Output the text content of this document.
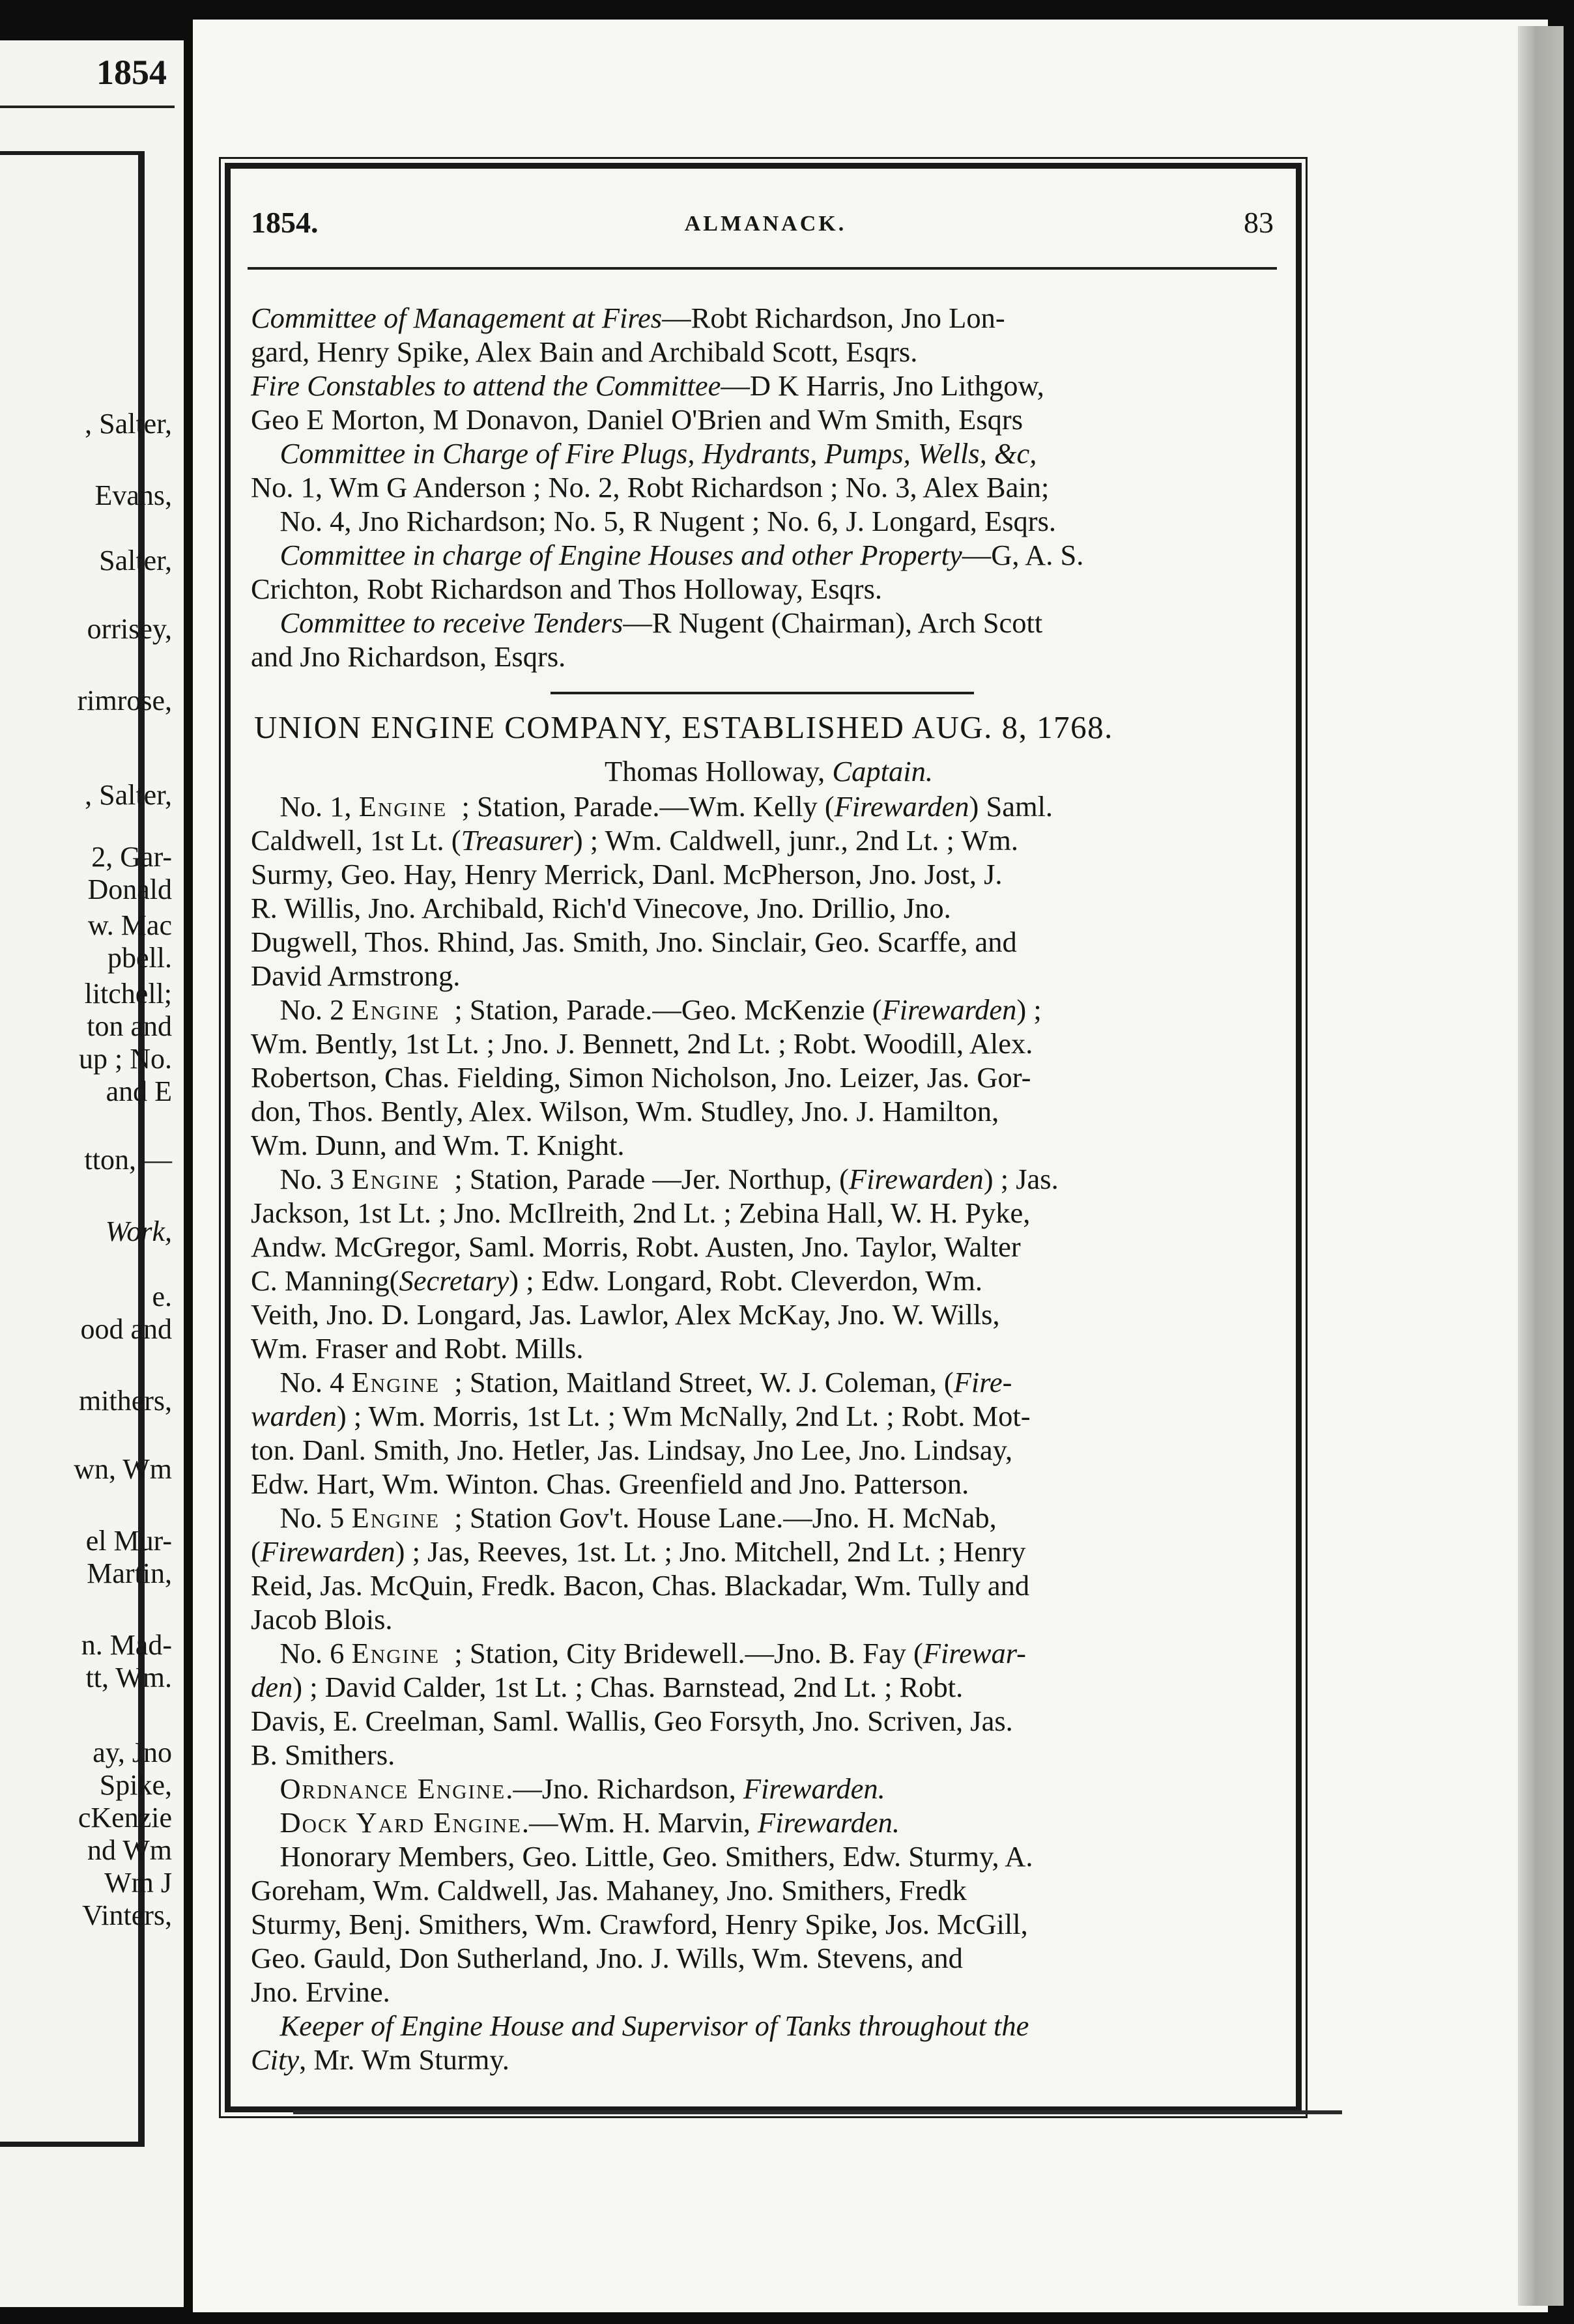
1854
, Salter,
Evans,
Salter,
orrisey,
rimrose,
, Salter,
2, Gar-
Donald
w. Mac
pbell.
litchell;
ton and
up ; No.
and E
tton, —
Work,
e.
ood and
mithers,
wn, Wm
el Mur-
Martin,
n. Mad-
tt, Wm.
ay, Jno
Spike,
cKenzie
nd Wm
Wm J
Vinters,
1854.	ALMANACK.	83
Committee of Management at Fires—Robt Richardson, Jno Lon-
gard, Henry Spike, Alex Bain and Archibald Scott, Esqrs.
Fire Constables to attend the Committee—D K Harris, Jno Lithgow,
Geo E Morton, M Donavon, Daniel O'Brien and Wm Smith, Esqrs
Committee in Charge of Fire Plugs, Hydrants, Pumps, Wells, &c,
No. 1, Wm G Anderson ; No. 2, Robt Richardson ; No. 3, Alex Bain;
No. 4, Jno Richardson; No. 5, R Nugent ; No. 6, J. Longard, Esqrs.
Committee in charge of Engine Houses and other Property—G, A. S.
Crichton, Robt Richardson and Thos Holloway, Esqrs.
Committee to receive Tenders—R Nugent (Chairman), Arch Scott
and Jno Richardson, Esqrs.
UNION ENGINE COMPANY, ESTABLISHED AUG. 8, 1768.
Thomas Holloway, Captain.
No. 1, Engine  ; Station, Parade.—Wm. Kelly (Firewarden) Saml.
Caldwell, 1st Lt. (Treasurer) ; Wm. Caldwell, junr., 2nd Lt. ; Wm.
Surmy, Geo. Hay, Henry Merrick, Danl. McPherson, Jno. Jost, J.
R. Willis, Jno. Archibald, Rich'd Vinecove, Jno. Drillio, Jno.
Dugwell, Thos. Rhind, Jas. Smith, Jno. Sinclair, Geo. Scarffe, and
David Armstrong.
No. 2 Engine  ; Station, Parade.—Geo. McKenzie (Firewarden) ;
Wm. Bently, 1st Lt. ; Jno. J. Bennett, 2nd Lt. ; Robt. Woodill, Alex.
Robertson, Chas. Fielding, Simon Nicholson, Jno. Leizer, Jas. Gor-
don, Thos. Bently, Alex. Wilson, Wm. Studley, Jno. J. Hamilton,
Wm. Dunn, and Wm. T. Knight.
No. 3 Engine  ; Station, Parade —Jer. Northup, (Firewarden) ; Jas.
Jackson, 1st Lt. ; Jno. McIlreith, 2nd Lt. ; Zebina Hall, W. H. Pyke,
Andw. McGregor, Saml. Morris, Robt. Austen, Jno. Taylor, Walter
C. Manning(Secretary) ; Edw. Longard, Robt. Cleverdon, Wm.
Veith, Jno. D. Longard, Jas. Lawlor, Alex McKay, Jno. W. Wills,
Wm. Fraser and Robt. Mills.
No. 4 Engine  ; Station, Maitland Street, W. J. Coleman, (Fire-
warden) ; Wm. Morris, 1st Lt. ; Wm McNally, 2nd Lt. ; Robt. Mot-
ton. Danl. Smith, Jno. Hetler, Jas. Lindsay, Jno Lee, Jno. Lindsay,
Edw. Hart, Wm. Winton. Chas. Greenfield and Jno. Patterson.
No. 5 Engine  ; Station Gov't. House Lane.—Jno. H. McNab,
(Firewarden) ; Jas, Reeves, 1st. Lt. ; Jno. Mitchell, 2nd Lt. ; Henry
Reid, Jas. McQuin, Fredk. Bacon, Chas. Blackadar, Wm. Tully and
Jacob Blois.
No. 6 Engine  ; Station, City Bridewell.—Jno. B. Fay (Firewar-
den) ; David Calder, 1st Lt. ; Chas. Barnstead, 2nd Lt. ; Robt.
Davis, E. Creelman, Saml. Wallis, Geo Forsyth, Jno. Scriven, Jas.
B. Smithers.
Ordnance Engine.—Jno. Richardson, Firewarden.
Dock Yard Engine.—Wm. H. Marvin, Firewarden.
Honorary Members, Geo. Little, Geo. Smithers, Edw. Sturmy, A.
Goreham, Wm. Caldwell, Jas. Mahaney, Jno. Smithers, Fredk
Sturmy, Benj. Smithers, Wm. Crawford, Henry Spike, Jos. McGill,
Geo. Gauld, Don Sutherland, Jno. J. Wills, Wm. Stevens, and
Jno. Ervine.
Keeper of Engine House and Supervisor of Tanks throughout the
City, Mr. Wm Sturmy.
